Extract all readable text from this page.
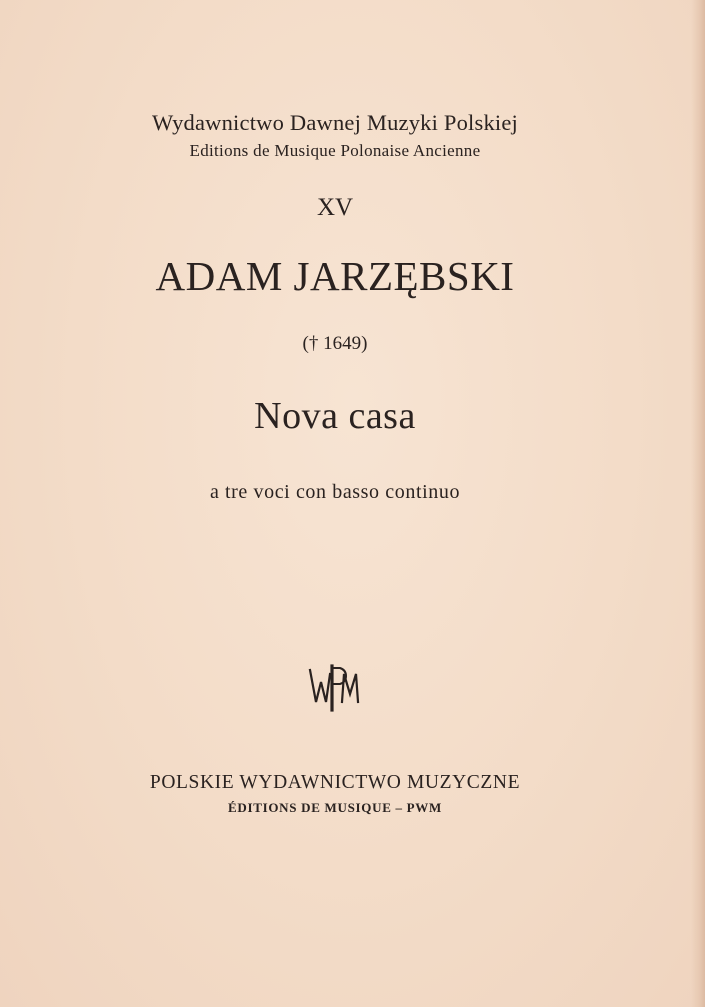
Wydawnictwo Dawnej Muzyki Polskiej
Editions de Musique Polonaise Ancienne
XV
ADAM JARZĘBSKI
(† 1649)
Nova casa
a tre voci con basso continuo
POLSKIE WYDAWNICTWO MUZYCZNE
ÉDITIONS DE MUSIQUE – PWM
